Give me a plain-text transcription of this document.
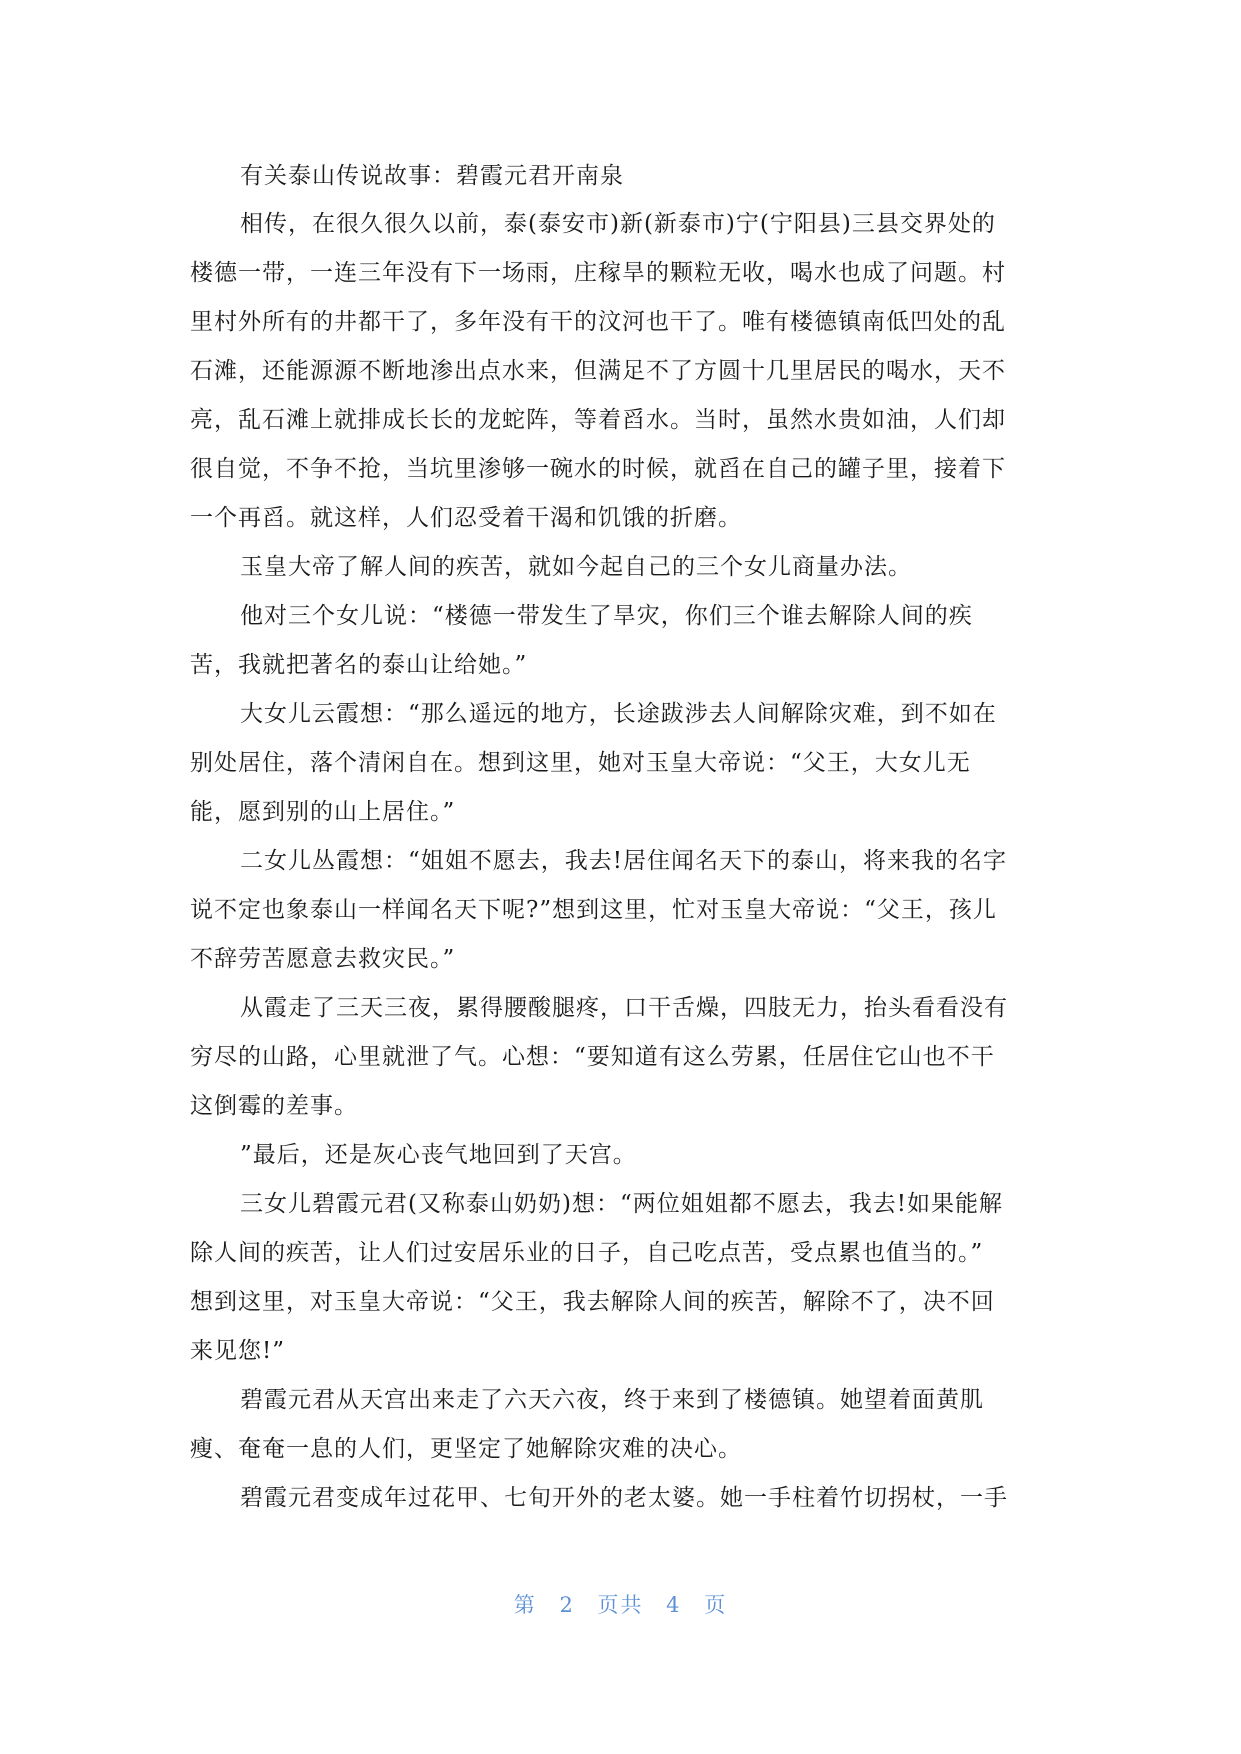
有关泰山传说故事：碧霞元君开南泉

相传，在很久很久以前，泰(泰安市)新(新泰市)宁(宁阳县)三县交界处的
楼德一带，一连三年没有下一场雨，庄稼旱的颗粒无收，喝水也成了问题。村
里村外所有的井都干了，多年没有干的汶河也干了。唯有楼德镇南低凹处的乱
石滩，还能源源不断地渗出点水来，但满足不了方圆十几里居民的喝水，天不
亮，乱石滩上就排成长长的龙蛇阵，等着舀水。当时，虽然水贵如油，人们却
很自觉，不争不抢，当坑里渗够一碗水的时候，就舀在自己的罐子里，接着下
一个再舀。就这样，人们忍受着干渴和饥饿的折磨。

玉皇大帝了解人间的疾苦，就如今起自己的三个女儿商量办法。

他对三个女儿说：“楼德一带发生了旱灾，你们三个谁去解除人间的疾
苦，我就把著名的泰山让给她。”

大女儿云霞想：“那么遥远的地方，长途跋涉去人间解除灾难，到不如在
别处居住，落个清闲自在。想到这里，她对玉皇大帝说：“父王，大女儿无
能，愿到别的山上居住。”

二女儿丛霞想：“姐姐不愿去，我去!居住闻名天下的泰山，将来我的名字
说不定也象泰山一样闻名天下呢?”想到这里，忙对玉皇大帝说：“父王，孩儿
不辞劳苦愿意去救灾民。”

从霞走了三天三夜，累得腰酸腿疼，口干舌燥，四肢无力，抬头看看没有
穷尽的山路，心里就泄了气。心想：“要知道有这么劳累，任居住它山也不干
这倒霉的差事。

”最后，还是灰心丧气地回到了天宫。

三女儿碧霞元君(又称泰山奶奶)想：“两位姐姐都不愿去，我去!如果能解
除人间的疾苦，让人们过安居乐业的日子，自己吃点苦，受点累也值当的。”
想到这里，对玉皇大帝说：“父王，我去解除人间的疾苦，解除不了，决不回
来见您!”

碧霞元君从天宫出来走了六天六夜，终于来到了楼德镇。她望着面黄肌
瘦、奄奄一息的人们，更坚定了她解除灾难的决心。

碧霞元君变成年过花甲、七旬开外的老太婆。她一手柱着竹切拐杖，一手

第 2 页共 4 页
